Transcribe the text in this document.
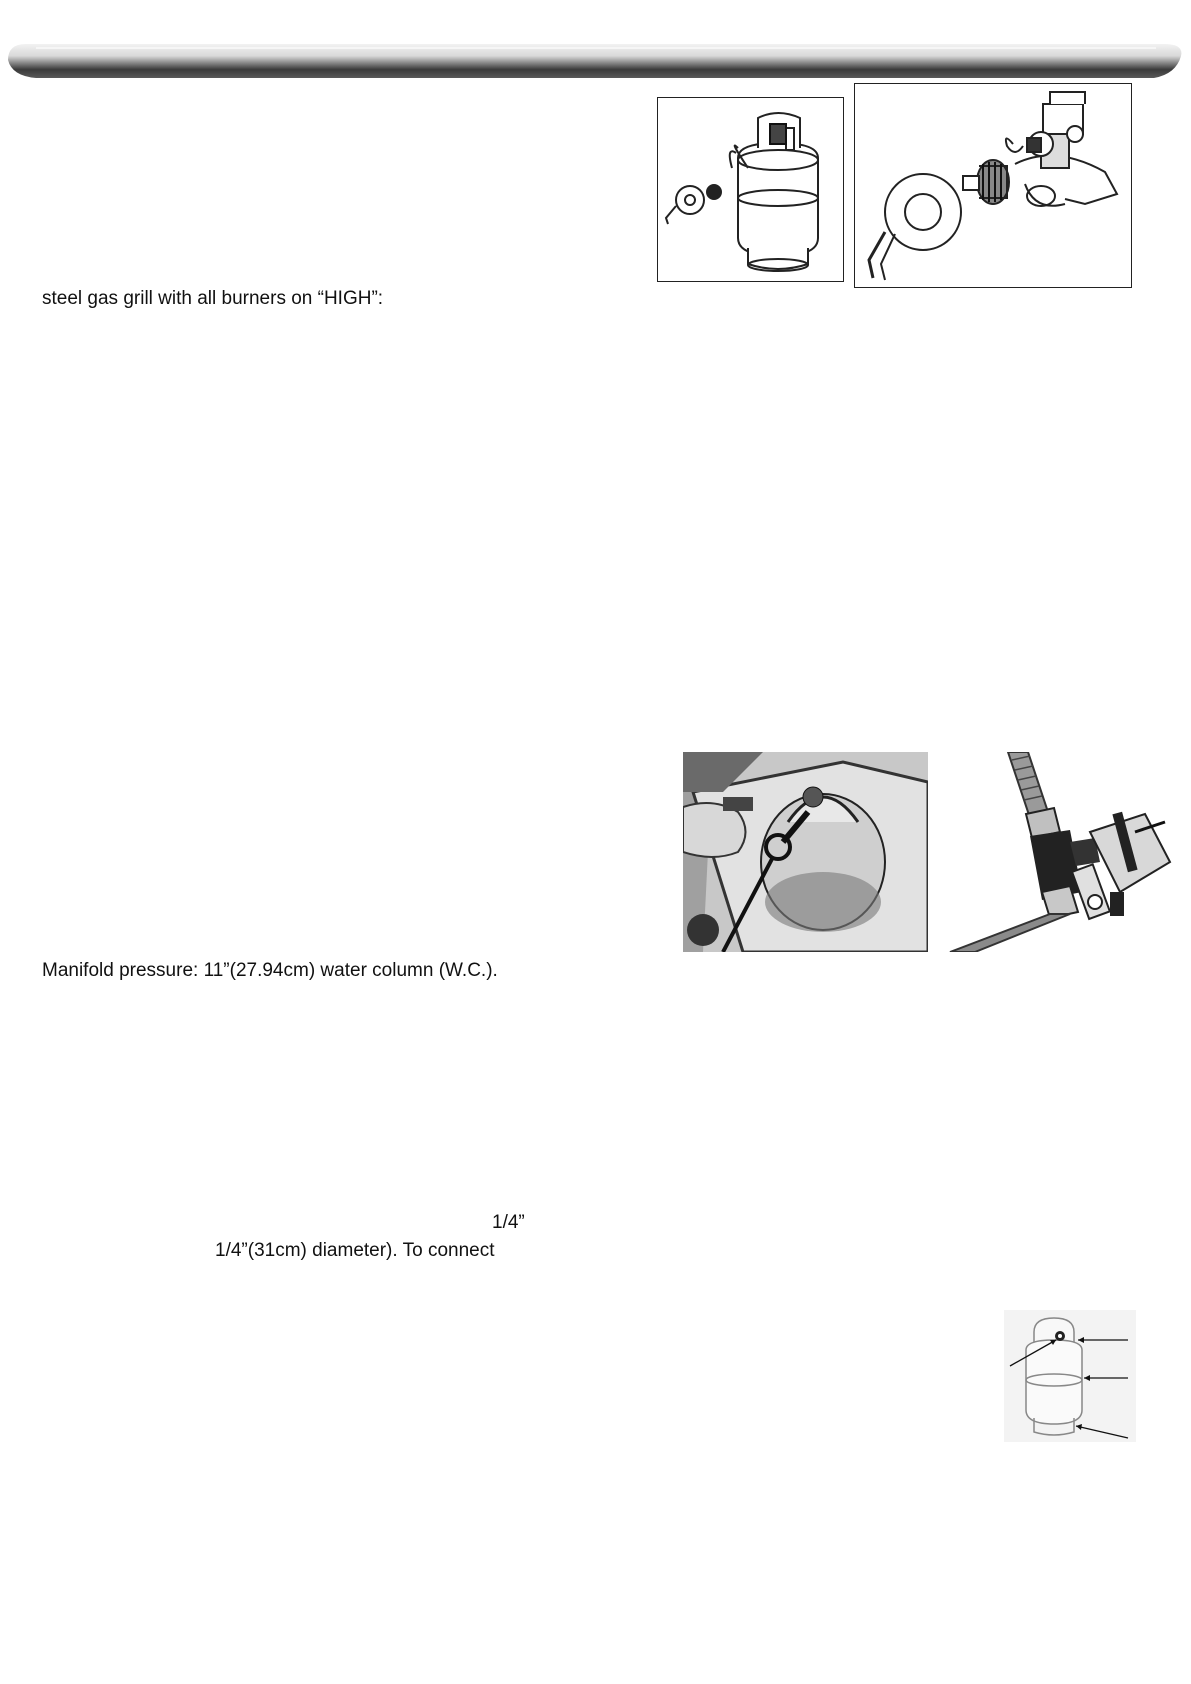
steel gas grill with all burners on “HIGH”:
Manifold pressure: 11”(27.94cm) water column (W.C.).
1/4”
1/4”(31cm) diameter). To connect
